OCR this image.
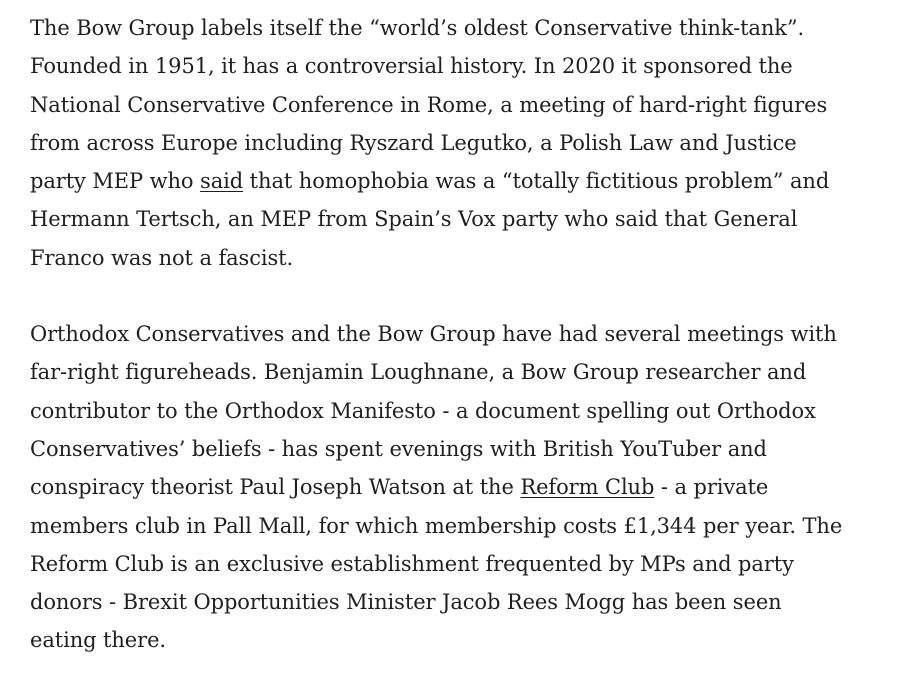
The Bow Group labels itself the “world’s oldest Conservative think-tank”.
Founded in 1951, it has a controversial history. In 2020 it sponsored the
National Conservative Conference in Rome, a meeting of hard-right figures
from across Europe including Ryszard Legutko, a Polish Law and Justice
party MEP who said that homophobia was a “totally fictitious problem” and
Hermann Tertsch, an MEP from Spain’s Vox party who said that General
Franco was not a fascist.

Orthodox Conservatives and the Bow Group have had several meetings with
far-right figureheads. Benjamin Loughnane, a Bow Group researcher and
contributor to the Orthodox Manifesto - a document spelling out Orthodox
Conservatives’ beliefs - has spent evenings with British YouTuber and
conspiracy theorist Paul Joseph Watson at the Reform Club - a private
members club in Pall Mall, for which membership costs £1,344 per year. The
Reform Club is an exclusive establishment frequented by MPs and party
donors - Brexit Opportunities Minister Jacob Rees Mogg has been seen
eating there.
